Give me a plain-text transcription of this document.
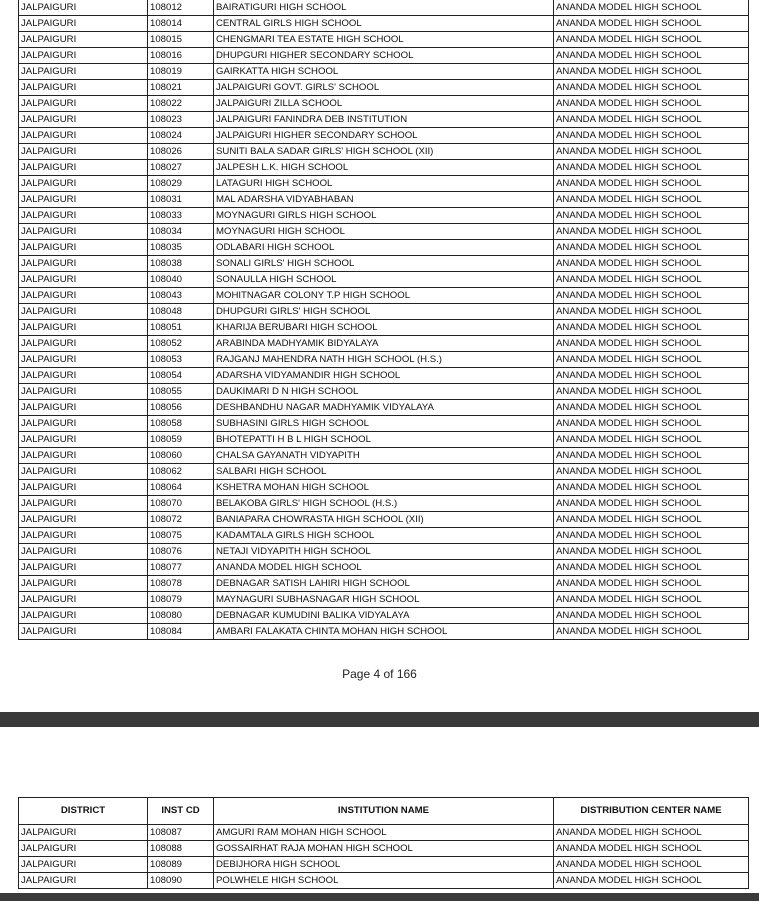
JALPAIGURI	108012	BAIRATIGURI HIGH SCHOOL	ANANDA MODEL HIGH SCHOOL
JALPAIGURI	108014	CENTRAL GIRLS HIGH SCHOOL	ANANDA MODEL HIGH SCHOOL
JALPAIGURI	108015	CHENGMARI TEA ESTATE HIGH SCHOOL	ANANDA MODEL HIGH SCHOOL
JALPAIGURI	108016	DHUPGURI HIGHER SECONDARY SCHOOL	ANANDA MODEL HIGH SCHOOL
JALPAIGURI	108019	GAIRKATTA HIGH SCHOOL	ANANDA MODEL HIGH SCHOOL
JALPAIGURI	108021	JALPAIGURI GOVT. GIRLS' SCHOOL	ANANDA MODEL HIGH SCHOOL
JALPAIGURI	108022	JALPAIGURI ZILLA SCHOOL	ANANDA MODEL HIGH SCHOOL
JALPAIGURI	108023	JALPAIGURI FANINDRA DEB INSTITUTION	ANANDA MODEL HIGH SCHOOL
JALPAIGURI	108024	JALPAIGURI HIGHER SECONDARY SCHOOL	ANANDA MODEL HIGH SCHOOL
JALPAIGURI	108026	SUNITI BALA SADAR GIRLS' HIGH SCHOOL (XII)	ANANDA MODEL HIGH SCHOOL
JALPAIGURI	108027	JALPESH L.K. HIGH SCHOOL	ANANDA MODEL HIGH SCHOOL
JALPAIGURI	108029	LATAGURI HIGH SCHOOL	ANANDA MODEL HIGH SCHOOL
JALPAIGURI	108031	MAL ADARSHA VIDYABHABAN	ANANDA MODEL HIGH SCHOOL
JALPAIGURI	108033	MOYNAGURI GIRLS HIGH SCHOOL	ANANDA MODEL HIGH SCHOOL
JALPAIGURI	108034	MOYNAGURI HIGH SCHOOL	ANANDA MODEL HIGH SCHOOL
JALPAIGURI	108035	ODLABARI HIGH SCHOOL	ANANDA MODEL HIGH SCHOOL
JALPAIGURI	108038	SONALI GIRLS' HIGH SCHOOL	ANANDA MODEL HIGH SCHOOL
JALPAIGURI	108040	SONAULLA HIGH SCHOOL	ANANDA MODEL HIGH SCHOOL
JALPAIGURI	108043	MOHITNAGAR COLONY T.P HIGH SCHOOL	ANANDA MODEL HIGH SCHOOL
JALPAIGURI	108048	DHUPGURI GIRLS' HIGH SCHOOL	ANANDA MODEL HIGH SCHOOL
JALPAIGURI	108051	KHARIJA BERUBARI HIGH SCHOOL	ANANDA MODEL HIGH SCHOOL
JALPAIGURI	108052	ARABINDA MADHYAMIK BIDYALAYA	ANANDA MODEL HIGH SCHOOL
JALPAIGURI	108053	RAJGANJ MAHENDRA NATH HIGH SCHOOL (H.S.)	ANANDA MODEL HIGH SCHOOL
JALPAIGURI	108054	ADARSHA VIDYAMANDIR HIGH SCHOOL	ANANDA MODEL HIGH SCHOOL
JALPAIGURI	108055	DAUKIMARI D N HIGH SCHOOL	ANANDA MODEL HIGH SCHOOL
JALPAIGURI	108056	DESHBANDHU NAGAR MADHYAMIK VIDYALAYA	ANANDA MODEL HIGH SCHOOL
JALPAIGURI	108058	SUBHASINI GIRLS HIGH SCHOOL	ANANDA MODEL HIGH SCHOOL
JALPAIGURI	108059	BHOTEPATTI H B L HIGH SCHOOL	ANANDA MODEL HIGH SCHOOL
JALPAIGURI	108060	CHALSA GAYANATH VIDYAPITH	ANANDA MODEL HIGH SCHOOL
JALPAIGURI	108062	SALBARI HIGH SCHOOL	ANANDA MODEL HIGH SCHOOL
JALPAIGURI	108064	KSHETRA MOHAN HIGH SCHOOL	ANANDA MODEL HIGH SCHOOL
JALPAIGURI	108070	BELAKOBA GIRLS' HIGH SCHOOL (H.S.)	ANANDA MODEL HIGH SCHOOL
JALPAIGURI	108072	BANIAPARA CHOWRASTA HIGH SCHOOL (XII)	ANANDA MODEL HIGH SCHOOL
JALPAIGURI	108075	KADAMTALA GIRLS HIGH SCHOOL	ANANDA MODEL HIGH SCHOOL
JALPAIGURI	108076	NETAJI VIDYAPITH HIGH SCHOOL	ANANDA MODEL HIGH SCHOOL
JALPAIGURI	108077	ANANDA MODEL HIGH SCHOOL	ANANDA MODEL HIGH SCHOOL
JALPAIGURI	108078	DEBNAGAR SATISH LAHIRI HIGH SCHOOL	ANANDA MODEL HIGH SCHOOL
JALPAIGURI	108079	MAYNAGURI SUBHASNAGAR HIGH SCHOOL	ANANDA MODEL HIGH SCHOOL
JALPAIGURI	108080	DEBNAGAR KUMUDINI BALIKA VIDYALAYA	ANANDA MODEL HIGH SCHOOL
JALPAIGURI	108084	AMBARI FALAKATA CHINTA MOHAN HIGH SCHOOL	ANANDA MODEL HIGH SCHOOL
Page 4 of 166
DISTRICT	INST CD	INSTITUTION NAME	DISTRIBUTION CENTER NAME
JALPAIGURI	108087	AMGURI RAM MOHAN HIGH SCHOOL	ANANDA MODEL HIGH SCHOOL
JALPAIGURI	108088	GOSSAIRHAT RAJA MOHAN HIGH SCHOOL	ANANDA MODEL HIGH SCHOOL
JALPAIGURI	108089	DEBIJHORA HIGH SCHOOL	ANANDA MODEL HIGH SCHOOL
JALPAIGURI	108090	POLWHELE HIGH SCHOOL	ANANDA MODEL HIGH SCHOOL
